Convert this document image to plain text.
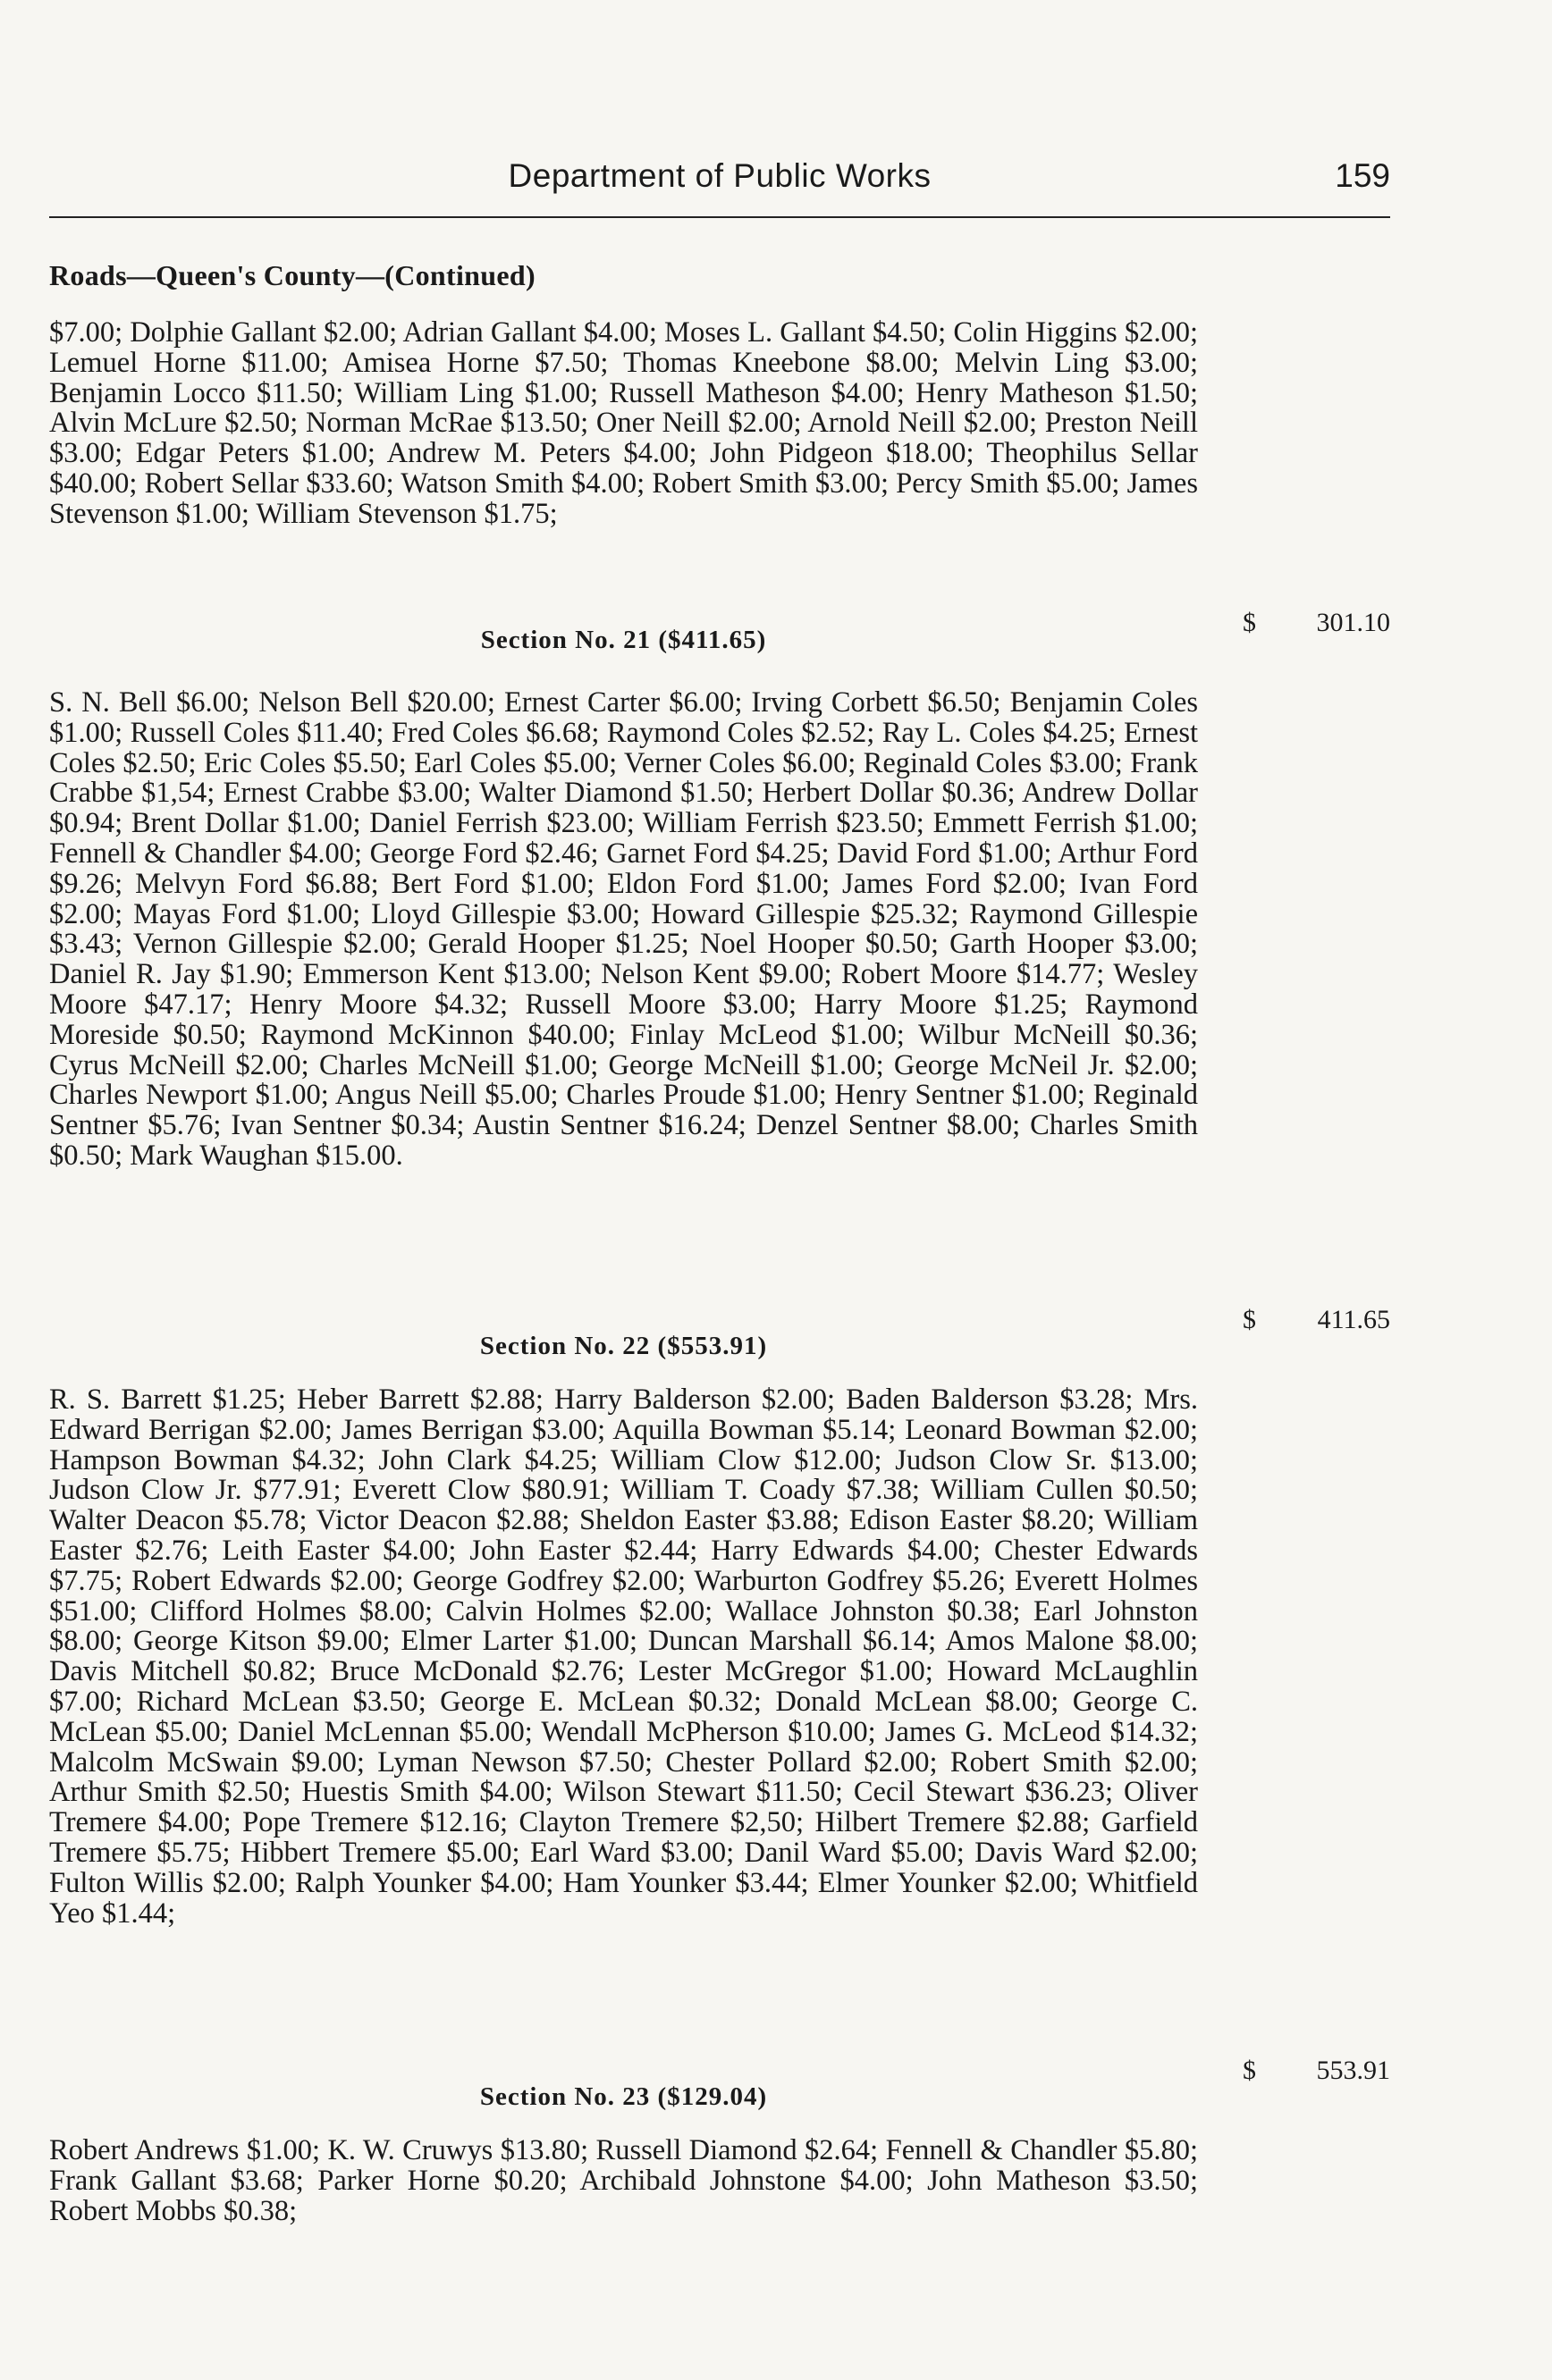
Department of Public Works	159
Roads—Queen's County—(Continued)
$7.00; Dolphie Gallant $2.00; Adrian Gallant $4.00; Moses L. Gallant $4.50; Colin Higgins $2.00; Lemuel Horne $11.00; Amisea Horne $7.50; Thomas Kneebone $8.00; Melvin Ling $3.00; Benjamin Locco $11.50; William Ling $1.00; Russell Matheson $4.00; Henry Matheson $1.50; Alvin McLure $2.50; Norman McRae $13.50; Oner Neill $2.00; Arnold Neill $2.00; Preston Neill $3.00; Edgar Peters $1.00; Andrew M. Peters $4.00; John Pidgeon $18.00; Theophilus Sellar $40.00; Robert Sellar $33.60; Watson Smith $4.00; Robert Smith $3.00; Percy Smith $5.00; James Stevenson $1.00; William Stevenson $1.75;
$ 301.10
Section No. 21 ($411.65)
S. N. Bell $6.00; Nelson Bell $20.00; Ernest Carter $6.00; Irving Corbett $6.50; Benjamin Coles $1.00; Russell Coles $11.40; Fred Coles $6.68; Raymond Coles $2.52; Ray L. Coles $4.25; Ernest Coles $2.50; Eric Coles $5.50; Earl Coles $5.00; Verner Coles $6.00; Reginald Coles $3.00; Frank Crabbe $1,54; Ernest Crabbe $3.00; Walter Diamond $1.50; Herbert Dollar $0.36; Andrew Dollar $0.94; Brent Dollar $1.00; Daniel Ferrish $23.00; William Ferrish $23.50; Emmett Ferrish $1.00; Fennell & Chandler $4.00; George Ford $2.46; Garnet Ford $4.25; David Ford $1.00; Arthur Ford $9.26; Melvyn Ford $6.88; Bert Ford $1.00; Eldon Ford $1.00; James Ford $2.00; Ivan Ford $2.00; Mayas Ford $1.00; Lloyd Gillespie $3.00; Howard Gillespie $25.32; Raymond Gillespie $3.43; Vernon Gillespie $2.00; Gerald Hooper $1.25; Noel Hooper $0.50; Garth Hooper $3.00; Daniel R. Jay $1.90; Emmerson Kent $13.00; Nelson Kent $9.00; Robert Moore $14.77; Wesley Moore $47.17; Henry Moore $4.32; Russell Moore $3.00; Harry Moore $1.25; Raymond Moreside $0.50; Raymond McKinnon $40.00; Finlay McLeod $1.00; Wilbur McNeill $0.36; Cyrus McNeill $2.00; Charles McNeill $1.00; George McNeill $1.00; George McNeil Jr. $2.00; Charles Newport $1.00; Angus Neill $5.00; Charles Proude $1.00; Henry Sentner $1.00; Reginald Sentner $5.76; Ivan Sentner $0.34; Austin Sentner $16.24; Denzel Sentner $8.00; Charles Smith $0.50; Mark Waughan $15.00.
$ 411.65
Section No. 22 ($553.91)
R. S. Barrett $1.25; Heber Barrett $2.88; Harry Balderson $2.00; Baden Balderson $3.28; Mrs. Edward Berrigan $2.00; James Berrigan $3.00; Aquilla Bowman $5.14; Leonard Bowman $2.00; Hampson Bowman $4.32; John Clark $4.25; William Clow $12.00; Judson Clow Sr. $13.00; Judson Clow Jr. $77.91; Everett Clow $80.91; William T. Coady $7.38; William Cullen $0.50; Walter Deacon $5.78; Victor Deacon $2.88; Sheldon Easter $3.88; Edison Easter $8.20; William Easter $2.76; Leith Easter $4.00; John Easter $2.44; Harry Edwards $4.00; Chester Edwards $7.75; Robert Edwards $2.00; George Godfrey $2.00; Warburton Godfrey $5.26; Everett Holmes $51.00; Clifford Holmes $8.00; Calvin Holmes $2.00; Wallace Johnston $0.38; Earl Johnston $8.00; George Kitson $9.00; Elmer Larter $1.00; Duncan Marshall $6.14; Amos Malone $8.00; Davis Mitchell $0.82; Bruce McDonald $2.76; Lester McGregor $1.00; Howard McLaughlin $7.00; Richard McLean $3.50; George E. McLean $0.32; Donald McLean $8.00; George C. McLean $5.00; Daniel McLennan $5.00; Wendall McPherson $10.00; James G. McLeod $14.32; Malcolm McSwain $9.00; Lyman Newson $7.50; Chester Pollard $2.00; Robert Smith $2.00; Arthur Smith $2.50; Huestis Smith $4.00; Wilson Stewart $11.50; Cecil Stewart $36.23; Oliver Tremere $4.00; Pope Tremere $12.16; Clayton Tremere $2,50; Hilbert Tremere $2.88; Garfield Tremere $5.75; Hibbert Tremere $5.00; Earl Ward $3.00; Danil Ward $5.00; Davis Ward $2.00; Fulton Willis $2.00; Ralph Younker $4.00; Ham Younker $3.44; Elmer Younker $2.00; Whitfield Yeo $1.44;
$ 553.91
Section No. 23 ($129.04)
Robert Andrews $1.00; K. W. Cruwys $13.80; Russell Diamond $2.64; Fennell & Chandler $5.80; Frank Gallant $3.68; Parker Horne $0.20; Archibald Johnstone $4.00; John Matheson $3.50; Robert Mobbs $0.38;
